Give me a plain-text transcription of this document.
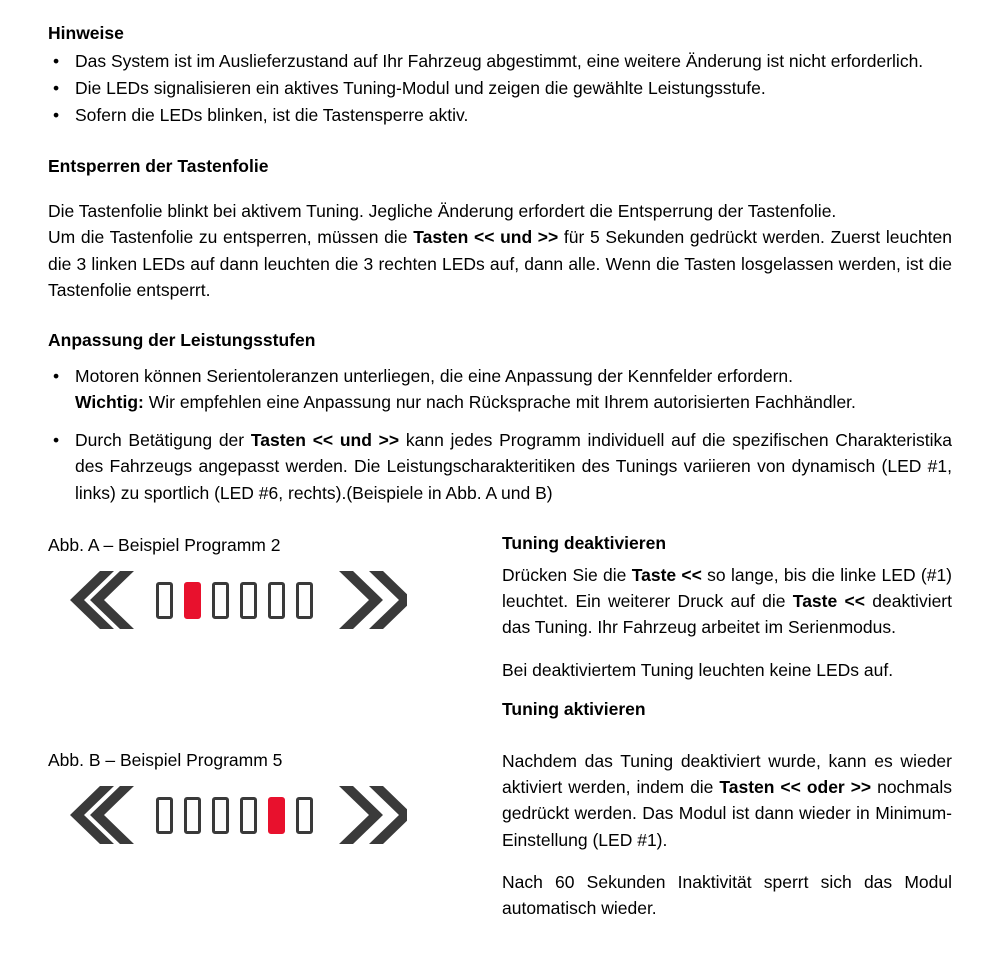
Hinweise
• Das System ist im Auslieferzustand auf Ihr Fahrzeug abgestimmt, eine weitere Änderung ist nicht erforderlich.
• Die LEDs signalisieren ein aktives Tuning-Modul und zeigen die gewählte Leistungsstufe.
• Sofern die LEDs blinken, ist die Tastensperre aktiv.
Entsperren der Tastenfolie

Die Tastenfolie blinkt bei aktivem Tuning. Jegliche Änderung erfordert die Entsperrung der Tastenfolie.

Um die Tastenfolie zu entsperren, müssen die Tasten << und >> für 5 Sekunden gedrückt werden. Zuerst leuchten die 3 linken LEDs auf dann leuchten die 3 rechten LEDs auf, dann alle. Wenn die Tasten losgelassen werden, ist die Tastenfolie entsperrt.

Anpassung der Leistungsstufen
• Motoren können Serientoleranzen unterliegen, die eine Anpassung der Kennfelder erfordern.
Wichtig: Wir empfehlen eine Anpassung nur nach Rücksprache mit Ihrem autorisierten Fachhändler.
• Durch Betätigung der Tasten << und >> kann jedes Programm individuell auf die spezifischen Charakteristika des Fahrzeugs angepasst werden. Die Leistungscharakteritiken des Tunings variieren von dynamisch (LED #1, links) zu sportlich (LED #6, rechts).(Beispiele in Abb. A und B)

Abb. A – Beispiel Programm 2	Tuning deaktivieren

Drücken Sie die Taste << so lange, bis die linke LED (#1) leuchtet. Ein weiterer Druck auf die Taste << deaktiviert das Tuning. Ihr Fahrzeug arbeitet im Serienmodus.

Bei deaktiviertem Tuning leuchten keine LEDs auf.

Tuning aktivieren

Abb. B – Beispiel Programm 5	Nachdem das Tuning deaktiviert wurde, kann es wieder aktiviert werden, indem die Tasten << oder >> nochmals gedrückt werden. Das Modul ist dann wieder in Minimum-Einstellung (LED #1).

Nach 60 Sekunden Inaktivität sperrt sich das Modul automatisch wieder.
